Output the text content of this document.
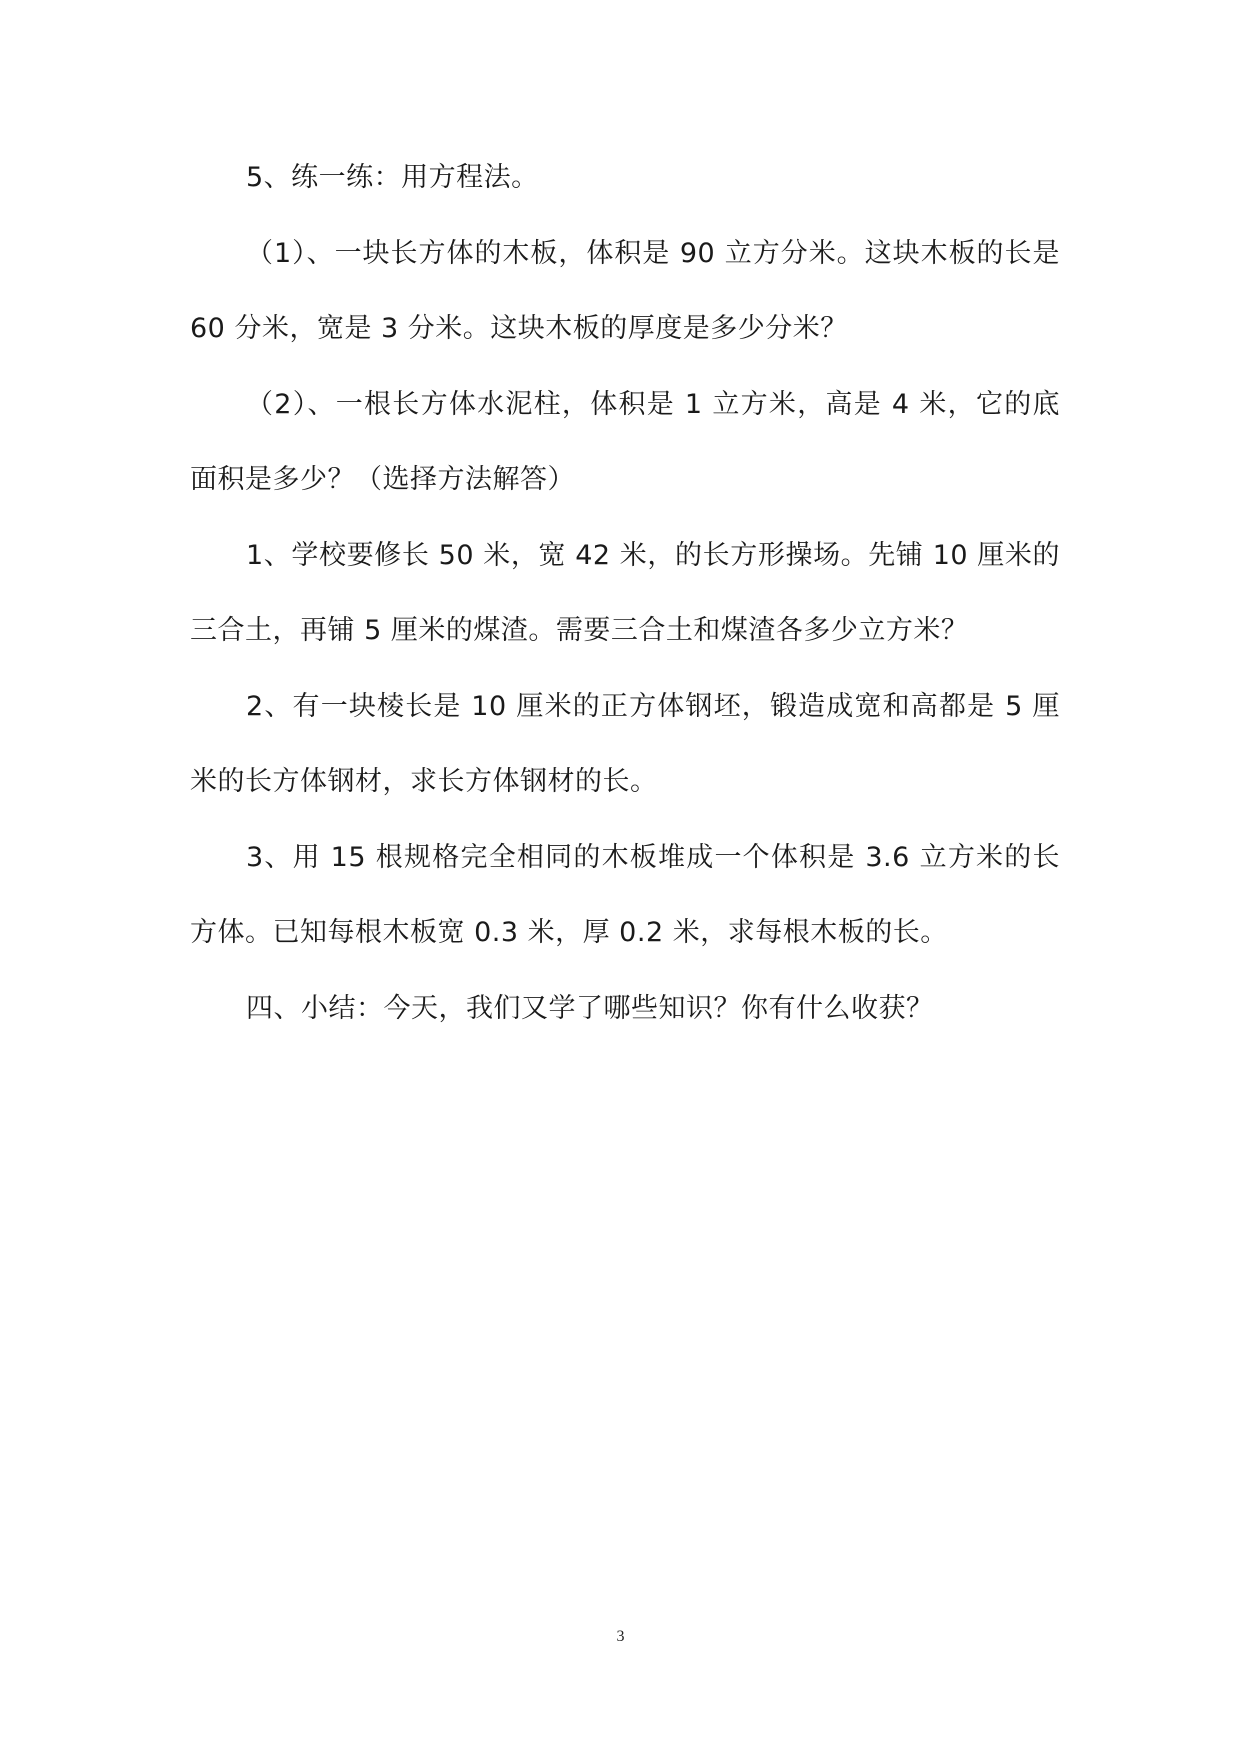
5、练一练：用方程法。

（1）、一块长方体的木板，体积是 90 立方分米。这块木板的长是 60 分米，宽是 3 分米。这块木板的厚度是多少分米？

（2）、一根长方体水泥柱，体积是 1 立方米，高是 4 米，它的底面积是多少？（选择方法解答）

1、学校要修长 50 米，宽 42 米，的长方形操场。先铺 10 厘米的三合土，再铺 5 厘米的煤渣。需要三合土和煤渣各多少立方米？

2、有一块棱长是 10 厘米的正方体钢坯，锻造成宽和高都是 5 厘米的长方体钢材，求长方体钢材的长。

3、用 15 根规格完全相同的木板堆成一个体积是 3.6 立方米的长方体。已知每根木板宽 0.3 米，厚 0.2 米，求每根木板的长。

四、小结：今天，我们又学了哪些知识？你有什么收获？

3
